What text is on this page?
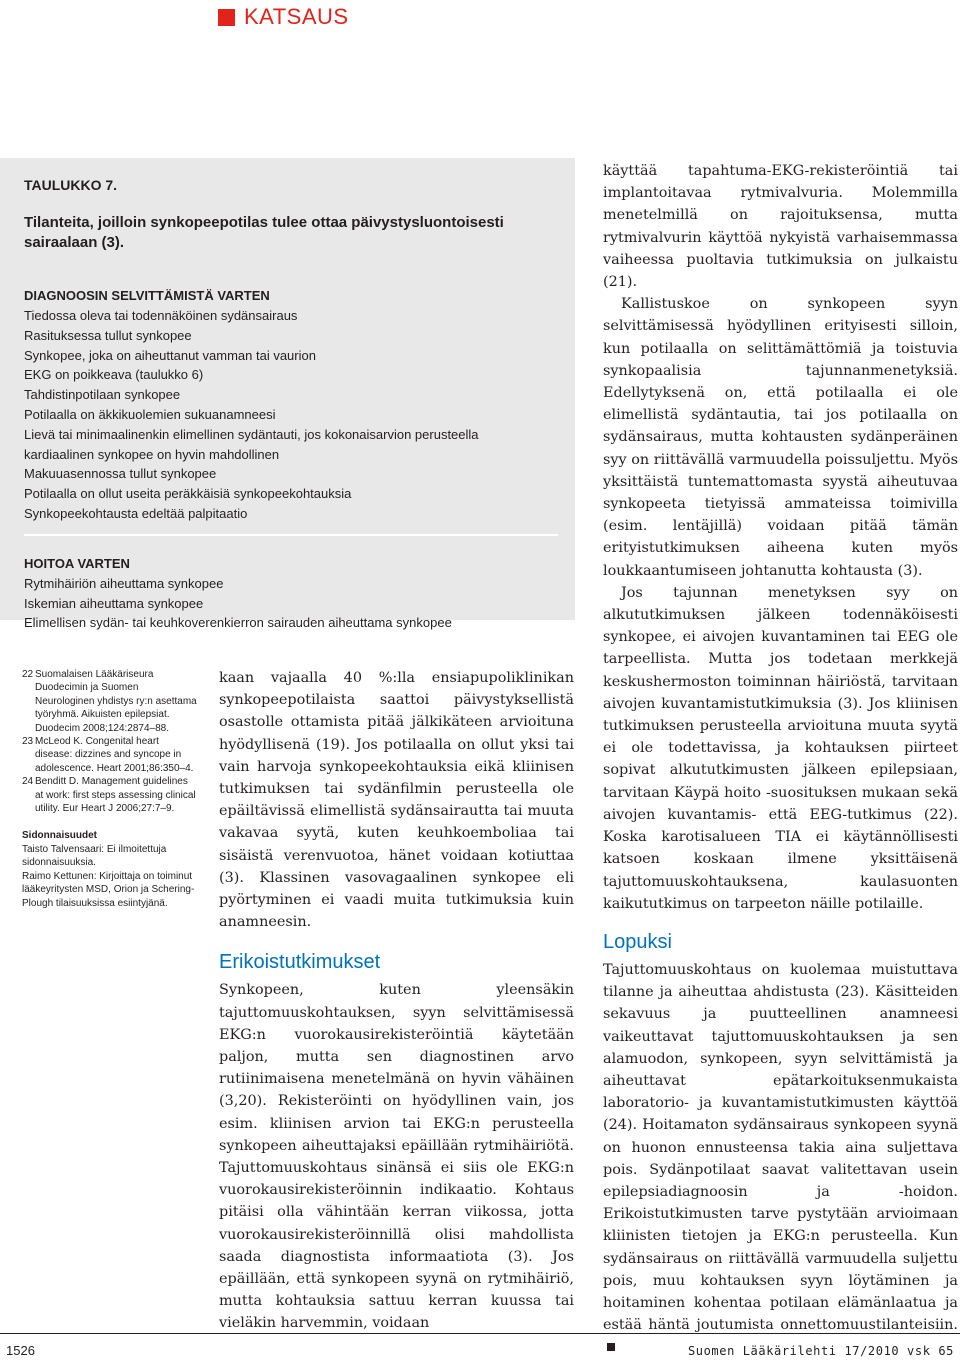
KATSAUS
TAULUKKO 7.
Tilanteita, joilloin synkopeepotilas tulee ottaa päivystysluontoisesti sairaalaan (3).
DIAGNOOSIN SELVITTÄMISTÄ VARTEN
Tiedossa oleva tai todennäköinen sydänsairaus
Rasituksessa tullut synkopee
Synkopee, joka on aiheuttanut vamman tai vaurion
EKG on poikkeava (taulukko 6)
Tahdistinpotilaan synkopee
Potilaalla on äkkikuolemien sukuanamneesi
Lievä tai minimaalinenkin elimellinen sydäntauti, jos kokonaisarvion perusteella
kardiaalinen synkopee on hyvin mahdollinen
Makuuasennossa tullut synkopee
Potilaalla on ollut useita peräkkäisiä synkopeekohtauksia
Synkopeekohtausta edeltää palpitaatio
HOITOA VARTEN
Rytmihäiriön aiheuttama synkopee
Iskemian aiheuttama synkopee
Elimellisen sydän- tai keuhkoverenkierron sairauden aiheuttama synkopee
22 Suomalaisen Lääkäriseura Duodecimin ja Suomen Neurologinen yhdistys ry:n asettama työryhmä. Aikuisten epilepsiat. Duodecim 2008;124:2874–88.
23 McLeod K. Congenital heart disease: dizzines and syncope in adolescence. Heart 2001;86:350–4.
24 Benditt D. Management guidelines at work: first steps assessing clinical utility. Eur Heart J 2006;27:7–9.
Sidonnaisuudet
Taisto Talvensaari: Ei ilmoitettuja sidonnaisuuksia.
Raimo Kettunen: Kirjoittaja on toiminut lääkeyritysten MSD, Orion ja Schering-Plough tilaisuuksissa esiintyjänä.

kaan vajaalla 40 %:lla ensiapupoliklinikan synkopeepotilaista saattoi päivystyksellistä osastolle ottamista pitää jälkikäteen arvioituna hyödyllisenä (19). Jos potilaalla on ollut yksi tai vain harvoja synkopeekohtauksia eikä kliinisen tutkimuksen tai sydänfilmin perusteella ole epäiltävissä elimellistä sydänsairautta tai muuta vakavaa syytä, kuten keuhkoemboliaa tai sisäistä verenvuotoa, hänet voidaan kotiuttaa (3). Klassinen vasovagaalinen synkopee eli pyörtyminen ei vaadi muita tutkimuksia kuin anamneesin.

Erikoistutkimukset

Synkopeen, kuten yleensäkin tajuttomuuskohtauksen, syyn selvittämisessä EKG:n vuorokausirekisteröintiä käytetään paljon, mutta sen diagnostinen arvo rutiinimaisena menetelmänä on hyvin vähäinen (3,20). Rekisteröinti on hyödyllinen vain, jos esim. kliinisen arvion tai EKG:n perusteella synkopeen aiheuttajaksi epäillään rytmihäiriötä. Tajuttomuuskohtaus sinänsä ei siis ole EKG:n vuorokausirekisteröinnin indikaatio. Kohtaus pitäisi olla vähintään kerran viikossa, jotta vuorokausirekisteröinnillä olisi mahdollista saada diagnostista informaatiota (3). Jos epäillään, että synkopeen syynä on rytmihäiriö, mutta kohtauksia sattuu kerran kuussa tai vieläkin harvemmin, voidaan

käyttää tapahtuma-EKG-rekisteröintiä tai implantoitavaa rytmivalvuria. Molemmilla menetelmillä on rajoituksensa, mutta rytmivalvurin käyttöä nykyistä varhaisemmassa vaiheessa puoltavia tutkimuksia on julkaistu (21).

Kallistuskoe on synkopeen syyn selvittämisessä hyödyllinen erityisesti silloin, kun potilaalla on selittämättömiä ja toistuvia synkopaalisia tajunnanmenetyksiä. Edellytyksenä on, että potilaalla ei ole elimellistä sydäntautia, tai jos potilaalla on sydänsairaus, mutta kohtausten sydänperäinen syy on riittävällä varmuudella poissuljettu. Myös yksittäistä tuntemattomasta syystä aiheutuvaa synkopeeta tietyissä ammateissa toimivilla (esim. lentäjillä) voidaan pitää tämän erityistutkimuksen aiheena kuten myös loukkaantumiseen johtanutta kohtausta (3).

Jos tajunnan menetyksen syy on alkututkimuksen jälkeen todennäköisesti synkopee, ei aivojen kuvantaminen tai EEG ole tarpeellista. Mutta jos todetaan merkkejä keskushermoston toiminnan häiriöstä, tarvitaan aivojen kuvantamistutkimuksia (3). Jos kliinisen tutkimuksen perusteella arvioituna muuta syytä ei ole todettavissa, ja kohtauksen piirteet sopivat alkututkimusten jälkeen epilepsiaan, tarvitaan Käypä hoito -suosituksen mukaan sekä aivojen kuvantamis- että EEG-tutkimus (22). Koska karotisalueen TIA ei käytännöllisesti katsoen koskaan ilmene yksittäisenä tajuttomuuskohtauksena, kaulasuonten kaikututkimus on tarpeeton näille potilaille.

Lopuksi

Tajuttomuuskohtaus on kuolemaa muistuttava tilanne ja aiheuttaa ahdistusta (23). Käsitteiden sekavuus ja puutteellinen anamneesi vaikeuttavat tajuttomuuskohtauksen ja sen alamuodon, synkopeen, syyn selvittämistä ja aiheuttavat epätarkoituksenmukaista laboratorio- ja kuvantamistutkimusten käyttöä (24). Hoitamaton sydänsairaus synkopeen syynä on huonon ennusteensa takia aina suljettava pois. Sydänpotilaat saavat valitettavan usein epilepsiadiagnoosin ja -hoidon. Erikoistutkimusten tarve pystytään arvioimaan kliinisten tietojen ja EKG:n perusteella. Kun sydänsairaus on riittävällä varmuudella suljettu pois, muu kohtauksen syyn löytäminen ja hoitaminen kohentaa potilaan elämänlaatua ja estää häntä joutumista onnettomuustilanteisiin.

1526	Suomen Lääkärilehti 17/2010 vsk 65
